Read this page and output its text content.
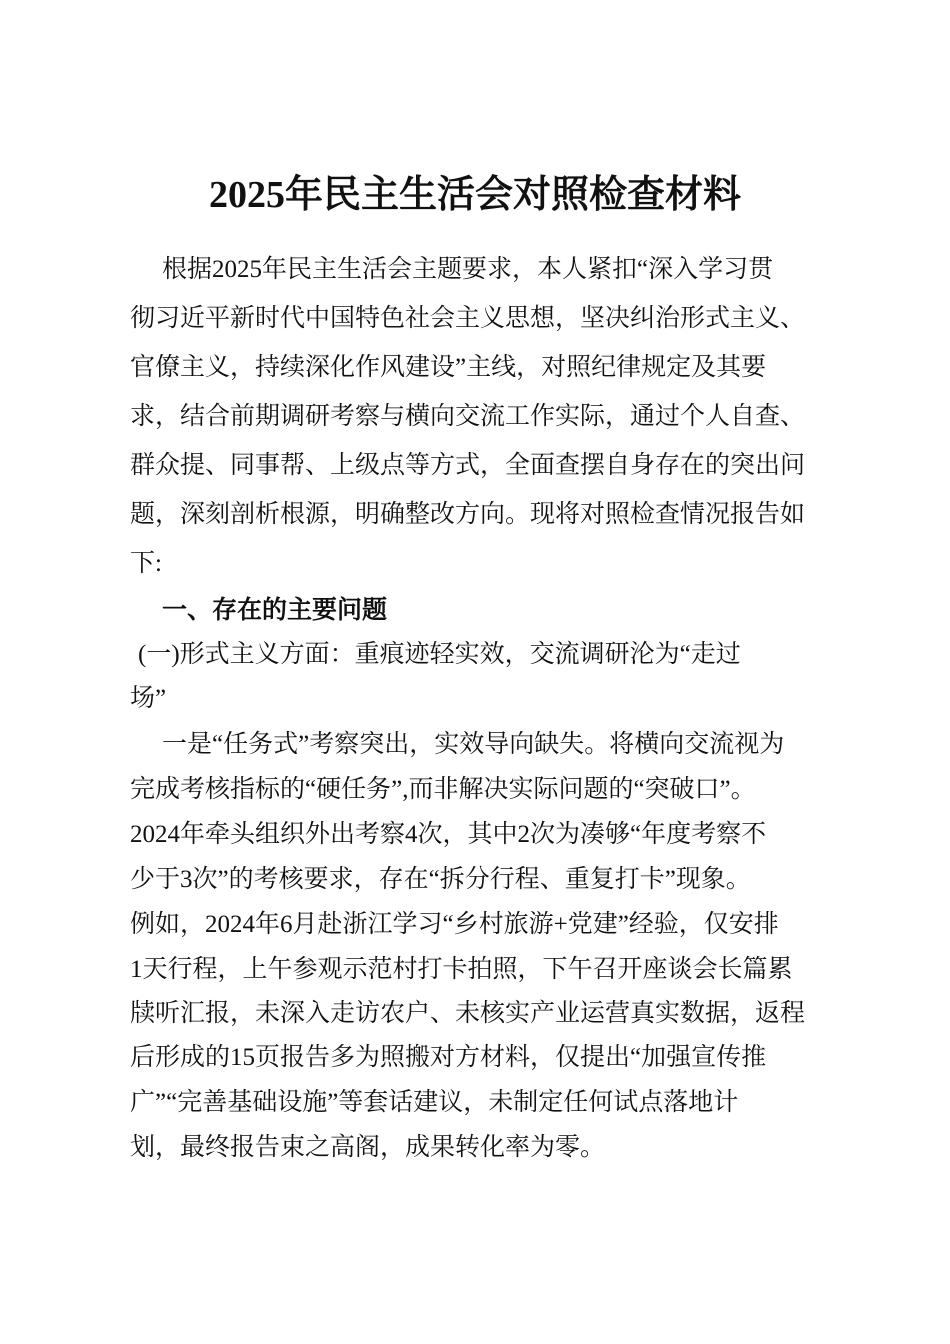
2025年民主生活会对照检查材料
根据2025年民主生活会主题要求，本人紧扣“深入学习贯
彻习近平新时代中国特色社会主义思想，坚决纠治形式主义、
官僚主义，持续深化作风建设”主线，对照纪律规定及其要
求，结合前期调研考察与横向交流工作实际，通过个人自查、
群众提、同事帮、上级点等方式，全面查摆自身存在的突出问
题，深刻剖析根源，明确整改方向。现将对照检查情况报告如
下:
一、存在的主要问题
(一)形式主义方面：重痕迹轻实效，交流调研沦为“走过
场”
一是“任务式”考察突出，实效导向缺失。将横向交流视为
完成考核指标的“硬任务”,而非解决实际问题的“突破口”。
2024年牵头组织外出考察4次，其中2次为凑够“年度考察不
少于3次”的考核要求，存在“拆分行程、重复打卡”现象。
例如，2024年6月赴浙江学习“乡村旅游+党建”经验，仅安排
1天行程，上午参观示范村打卡拍照，下午召开座谈会长篇累
牍听汇报，未深入走访农户、未核实产业运营真实数据，返程
后形成的15页报告多为照搬对方材料，仅提出“加强宣传推
广”“完善基础设施”等套话建议，未制定任何试点落地计
划，最终报告束之高阁，成果转化率为零。
